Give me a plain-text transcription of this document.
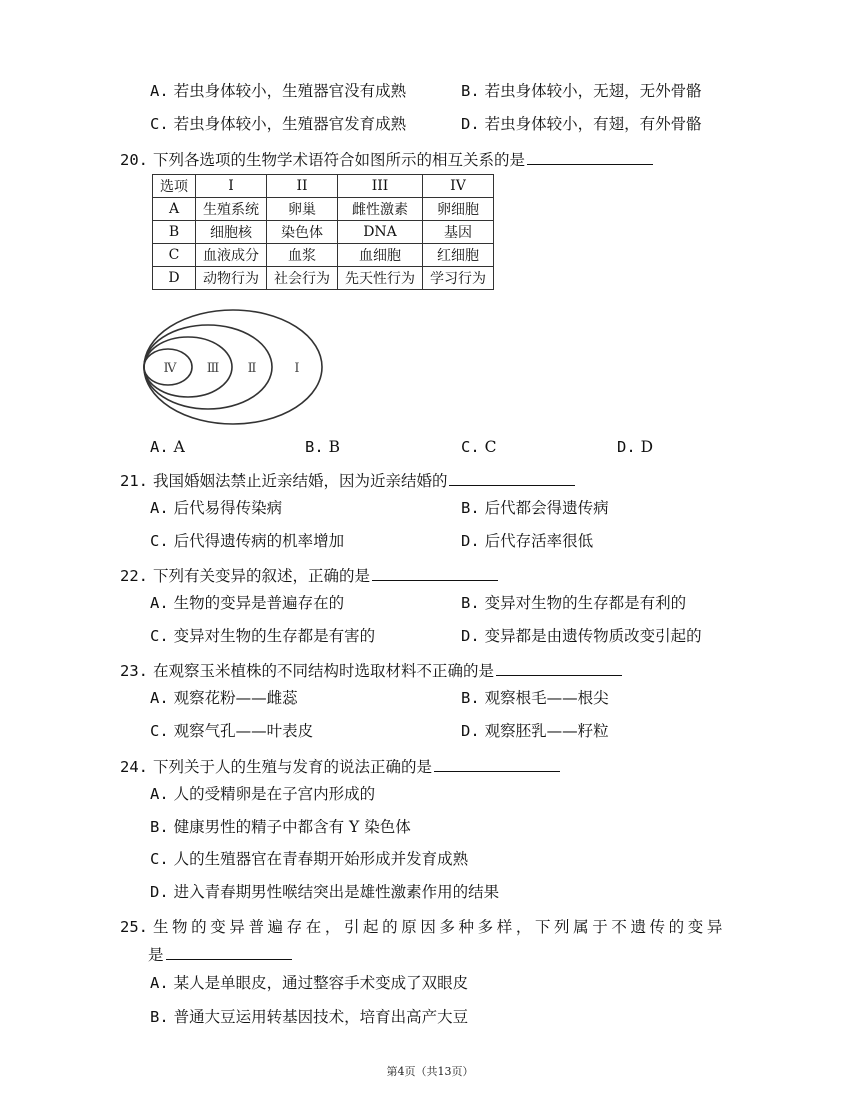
A. 若虫身体较小，生殖器官没有成熟	B. 若虫身体较小，无翅，无外骨骼
C. 若虫身体较小，生殖器官发育成熟	D. 若虫身体较小，有翅，有外骨骼
20. 下列各选项的生物学术语符合如图所示的相互关系的是
选项	I	II	III	IV
A	生殖系统	卵巢	雌性激素	卵细胞
B	细胞核	染色体	DNA	基因
C	血液成分	血浆	血细胞	红细胞
D	动物行为	社会行为	先天性行为	学习行为
Ⅳ Ⅲ Ⅱ	Ⅰ
A. A	B. B	C. C	D. D
21. 我国婚姻法禁止近亲结婚，因为近亲结婚的
A. 后代易得传染病	B. 后代都会得遗传病
C. 后代得遗传病的机率增加	D. 后代存活率很低
22. 下列有关变异的叙述，正确的是
A. 生物的变异是普遍存在的	B. 变异对生物的生存都是有利的
C. 变异对生物的生存都是有害的	D. 变异都是由遗传物质改变引起的
23. 在观察玉米植株的不同结构时选取材料不正确的是
A. 观察花粉——雌蕊	B. 观察根毛——根尖
C. 观察气孔——叶表皮	D. 观察胚乳——籽粒
24. 下列关于人的生殖与发育的说法正确的是
A. 人的受精卵是在子宫内形成的
B. 健康男性的精子中都含有 Y 染色体
C. 人的生殖器官在青春期开始形成并发育成熟
D. 进入青春期男性喉结突出是雄性激素作用的结果
25. 生物的变异普遍存在，引起的原因多种多样，下列属于不遗传的变异
是
A. 某人是单眼皮，通过整容手术变成了双眼皮
B. 普通大豆运用转基因技术，培育出高产大豆
第4页（共13页）
